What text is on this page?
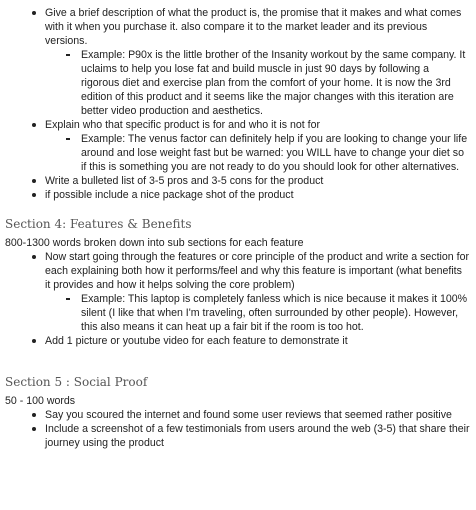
Give a brief description of what the product is, the promise that it makes and what comes with it when you purchase it. also compare it to the market leader and its previous versions.
Example: P90x is the little brother of the Insanity workout by the same company. It uclaims to help you lose fat and build muscle in just 90 days by following a rigorous diet and exercise plan from the comfort of your home. It is now the 3rd edition of this product and it seems like the major changes with this iteration are better video production and aesthetics.
Explain who that specific product is for and who it is not for
Example: The venus factor can definitely help if you are looking to change your life around and lose weight fast but be warned: you WILL have to change your diet so if this is something you are not ready to do you should look for other alternatives.
Write a bulleted list of 3-5 pros and 3-5 cons for the product
if possible include a nice package shot of the product
Section 4: Features & Benefits
800-1300 words broken down into sub sections for each feature
Now start going through the features or core principle of the product and write a section for each explaining both how it performs/feel and why this feature is important (what benefits it provides and how it helps solving the core problem)
Example: This laptop is completely fanless which is nice because it makes it 100% silent (I like that when I'm traveling, often surrounded by other people). However, this also means it can heat up a fair bit if the room is too hot.
Add 1 picture or youtube video for each feature to demonstrate it
Section 5 : Social Proof
50 - 100 words
Say you scoured the internet and found some user reviews that seemed rather positive
Include a screenshot of a few testimonials from users around the web (3-5) that share their journey using the product
